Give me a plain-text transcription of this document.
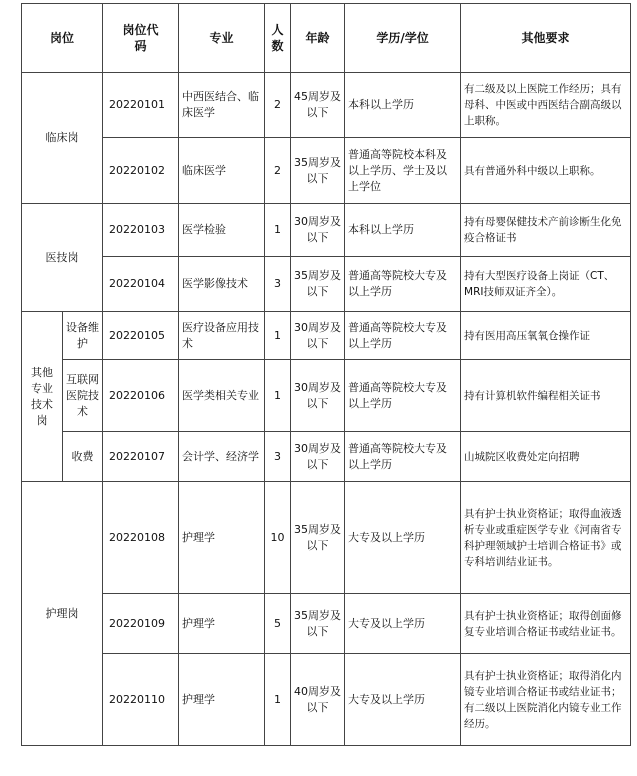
岗位		岗位代码	专业	人数	年龄	学历/学位	其他要求
临床岗		20220101	中西医结合、临床医学	2	45周岁及以下	本科以上学历	有二级及以上医院工作经历；具有母科、中医或中西医结合副高级以上职称。
		20220102	临床医学	2	35周岁及以下	普通高等院校本科及以上学历、学士及以上学位	具有普通外科中级以上职称。
医技岗		20220103	医学检验	1	30周岁及以下	本科以上学历	持有母婴保健技术产前诊断生化免疫合格证书
		20220104	医学影像技术	3	35周岁及以下	普通高等院校大专及以上学历	持有大型医疗设备上岗证（CT、MRI技师双证齐全）。
其他专业技术岗	设备维护	20220105	医疗设备应用技术	1	30周岁及以下	普通高等院校大专及以上学历	持有医用高压氧氧仓操作证
	互联网医院技术	20220106	医学类相关专业	1	30周岁及以下	普通高等院校大专及以上学历	持有计算机软件编程相关证书
	收费	20220107	会计学、经济学	3	30周岁及以下	普通高等院校大专及以上学历	山城院区收费处定向招聘
护理岗		20220108	护理学	10	35周岁及以下	大专及以上学历	具有护士执业资格证；取得血液透析专业或重症医学专业《河南省专科护理领域护士培训合格证书》或专科培训结业证书。
		20220109	护理学	5	35周岁及以下	大专及以上学历	具有护士执业资格证；取得创面修复专业培训合格证书或结业证书。
		20220110	护理学	1	40周岁及以下	大专及以上学历	具有护士执业资格证；取得消化内镜专业培训合格证书或结业证书；有二级以上医院消化内镜专业工作经历。
